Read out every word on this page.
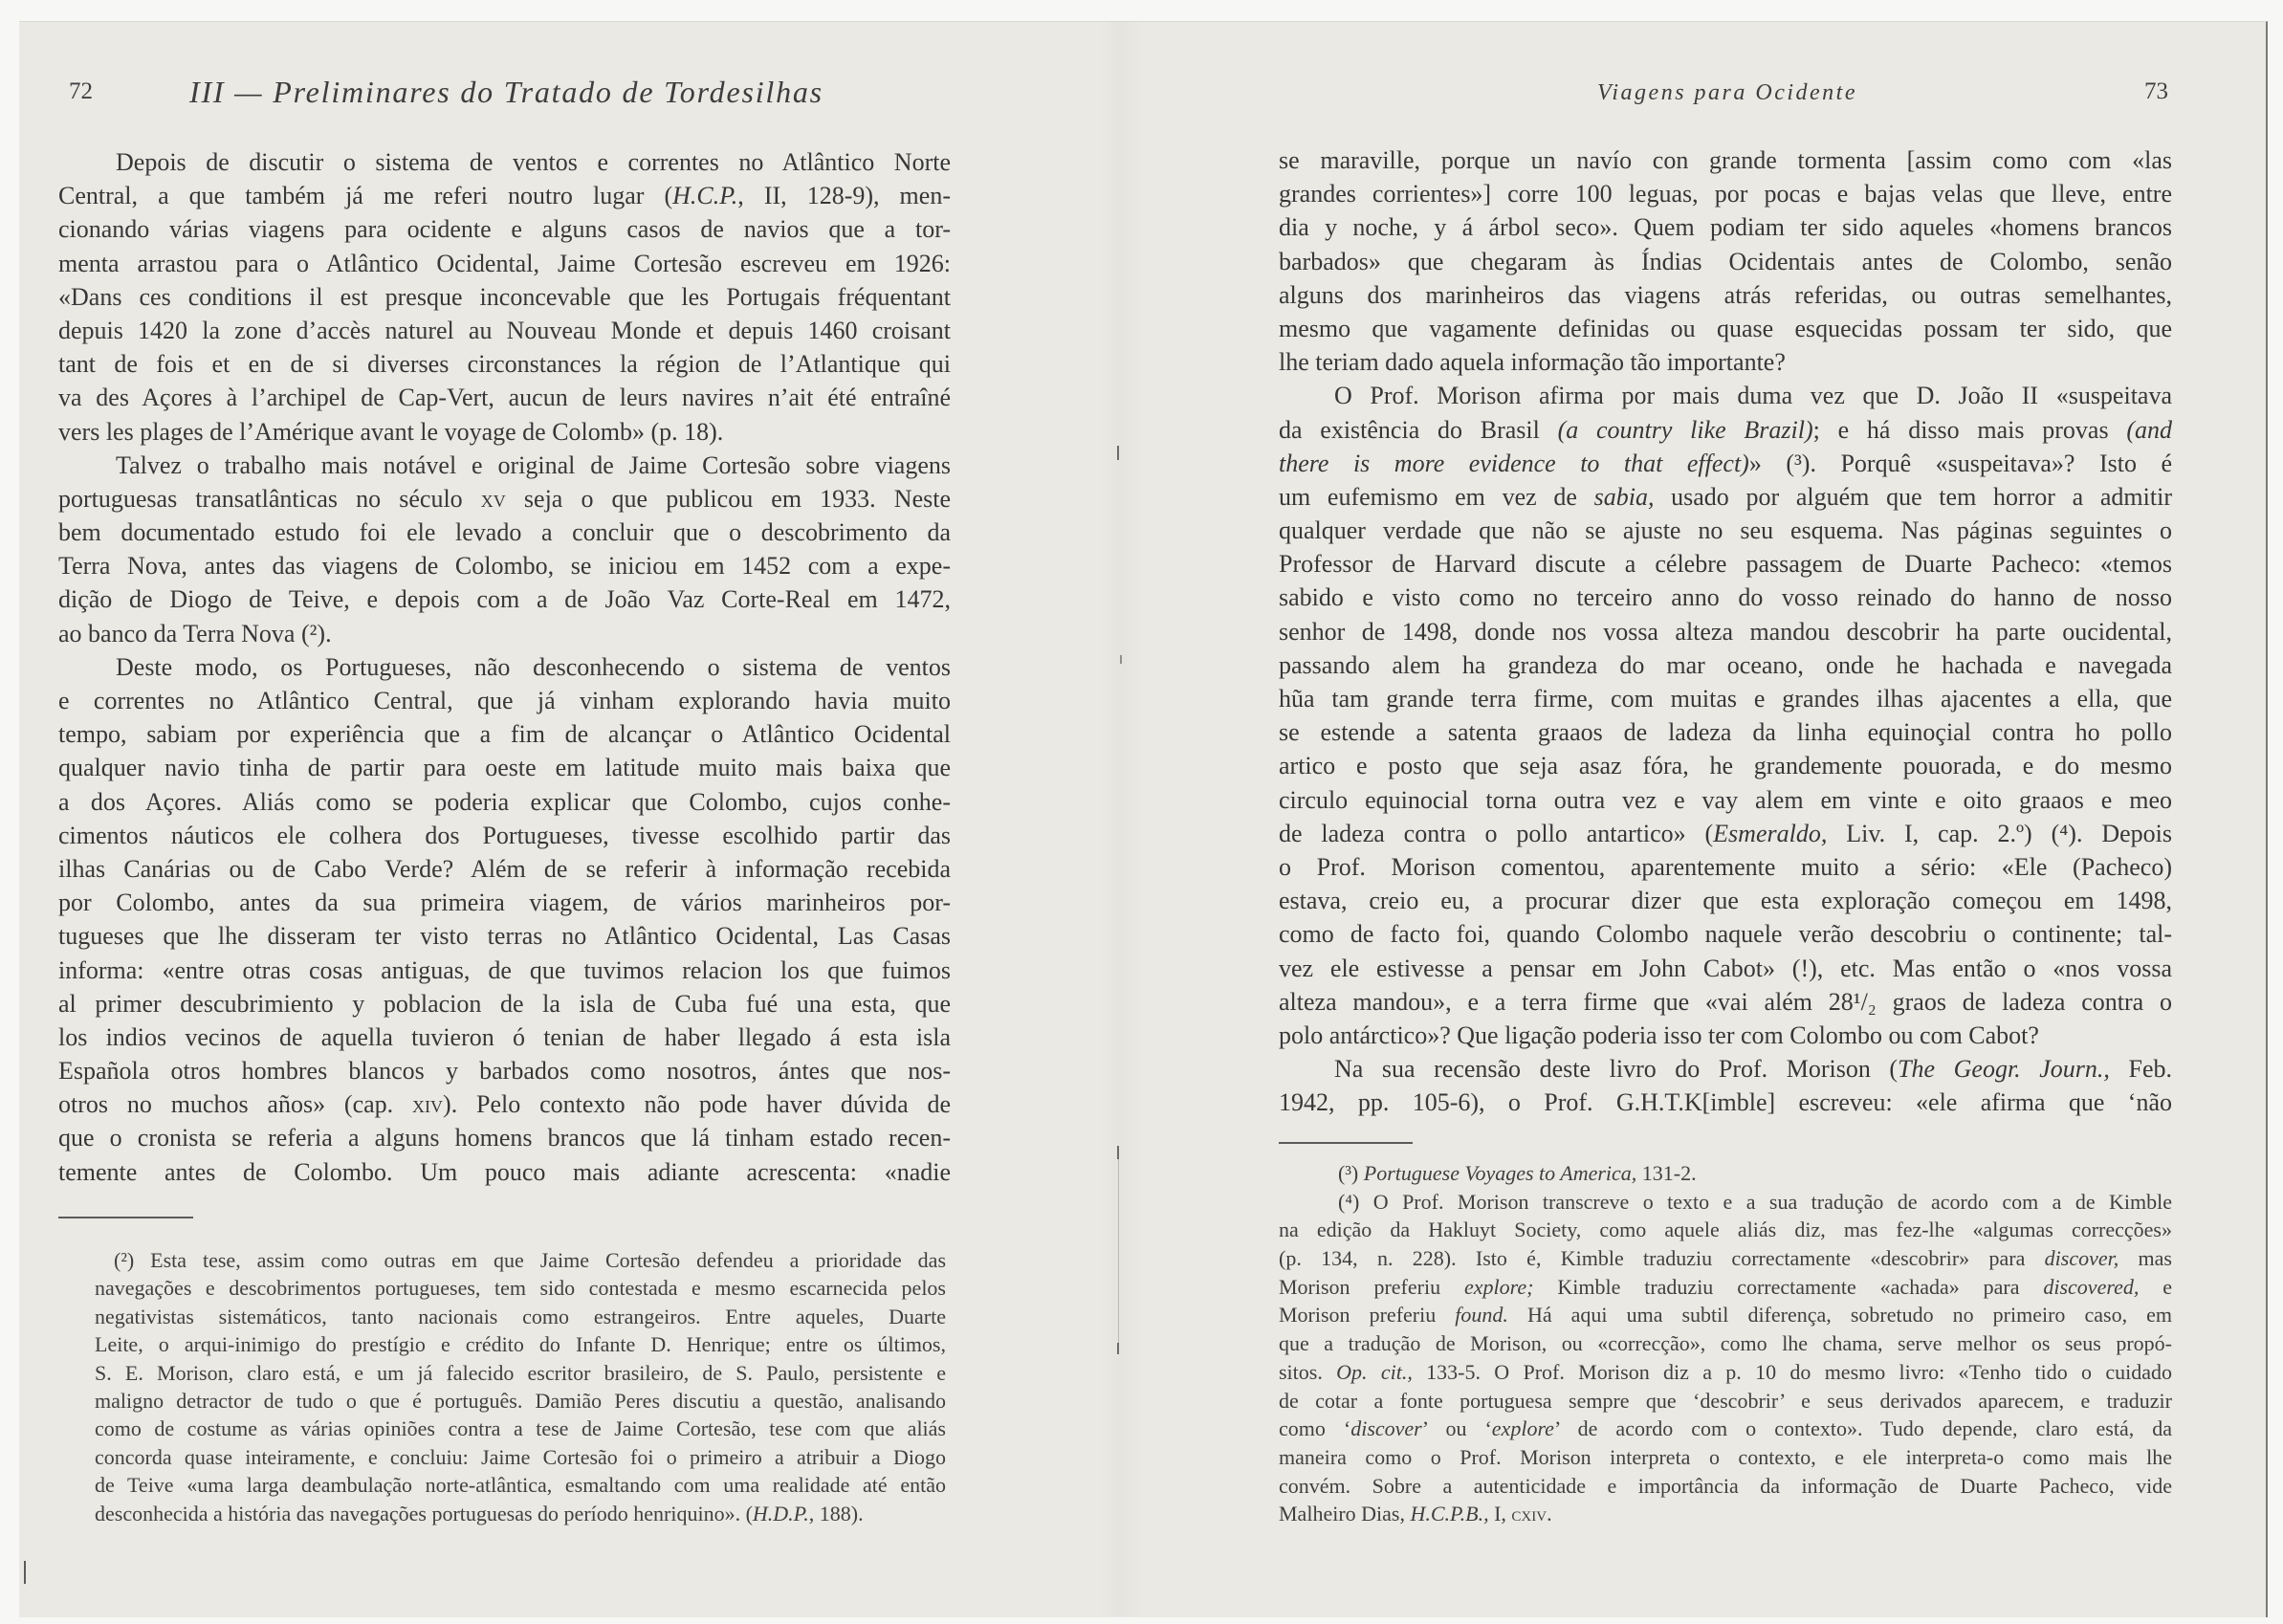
72	III — Preliminares do Tratado de Tordesilhas
Depois de discutir o sistema de ventos e correntes no Atlântico Norte
Central, a que também já me referi noutro lugar (H.C.P., II, 128-9), men-
cionando várias viagens para ocidente e alguns casos de navios que a tor-
menta arrastou para o Atlântico Ocidental, Jaime Cortesão escreveu em 1926:
«Dans ces conditions il est presque inconcevable que les Portugais fréquentant
depuis 1420 la zone d’accès naturel au Nouveau Monde et depuis 1460 croisant
tant de fois et en de si diverses circonstances la région de l’Atlantique qui
va des Açores à l’archipel de Cap-Vert, aucun de leurs navires n’ait été entraîné
vers les plages de l’Amérique avant le voyage de Colomb» (p. 18).
Talvez o trabalho mais notável e original de Jaime Cortesão sobre viagens
portuguesas transatlânticas no século xv seja o que publicou em 1933. Neste
bem documentado estudo foi ele levado a concluir que o descobrimento da
Terra Nova, antes das viagens de Colombo, se iniciou em 1452 com a expe-
dição de Diogo de Teive, e depois com a de João Vaz Corte-Real em 1472,
ao banco da Terra Nova (²).
Deste modo, os Portugueses, não desconhecendo o sistema de ventos
e correntes no Atlântico Central, que já vinham explorando havia muito
tempo, sabiam por experiência que a fim de alcançar o Atlântico Ocidental
qualquer navio tinha de partir para oeste em latitude muito mais baixa que
a dos Açores. Aliás como se poderia explicar que Colombo, cujos conhe-
cimentos náuticos ele colhera dos Portugueses, tivesse escolhido partir das
ilhas Canárias ou de Cabo Verde? Além de se referir à informação recebida
por Colombo, antes da sua primeira viagem, de vários marinheiros por-
tugueses que lhe disseram ter visto terras no Atlântico Ocidental, Las Casas
informa: «entre otras cosas antiguas, de que tuvimos relacion los que fuimos
al primer descubrimiento y poblacion de la isla de Cuba fué una esta, que
los indios vecinos de aquella tuvieron ó tenian de haber llegado á esta isla
Española otros hombres blancos y barbados como nosotros, ántes que nos-
otros no muchos años» (cap. xiv). Pelo contexto não pode haver dúvida de
que o cronista se referia a alguns homens brancos que lá tinham estado recen-
temente antes de Colombo. Um pouco mais adiante acrescenta: «nadie
(²) Esta tese, assim como outras em que Jaime Cortesão defendeu a prioridade das
navegações e descobrimentos portugueses, tem sido contestada e mesmo escarnecida pelos
negativistas sistemáticos, tanto nacionais como estrangeiros. Entre aqueles, Duarte
Leite, o arqui-inimigo do prestígio e crédito do Infante D. Henrique; entre os últimos,
S. E. Morison, claro está, e um já falecido escritor brasileiro, de S. Paulo, persistente e
maligno detractor de tudo o que é português. Damião Peres discutiu a questão, analisando
como de costume as várias opiniões contra a tese de Jaime Cortesão, tese com que aliás
concorda quase inteiramente, e concluiu: Jaime Cortesão foi o primeiro a atribuir a Diogo
de Teive «uma larga deambulação norte-atlântica, esmaltando com uma realidade até então
desconhecida a história das navegações portuguesas do período henriquino». (H.D.P., 188).
Viagens para Ocidente	73
se maraville, porque un navío con grande tormenta [assim como com «las
grandes corrientes»] corre 100 leguas, por pocas e bajas velas que lleve, entre
dia y noche, y á árbol seco». Quem podiam ter sido aqueles «homens brancos
barbados» que chegaram às Índias Ocidentais antes de Colombo, senão
alguns dos marinheiros das viagens atrás referidas, ou outras semelhantes,
mesmo que vagamente definidas ou quase esquecidas possam ter sido, que
lhe teriam dado aquela informação tão importante?
O Prof. Morison afirma por mais duma vez que D. João II «suspeitava
da existência do Brasil (a country like Brazil); e há disso mais provas (and
there is more evidence to that effect)» (³). Porquê «suspeitava»? Isto é
um eufemismo em vez de sabia, usado por alguém que tem horror a admitir
qualquer verdade que não se ajuste no seu esquema. Nas páginas seguintes o
Professor de Harvard discute a célebre passagem de Duarte Pacheco: «temos
sabido e visto como no terceiro anno do vosso reinado do hanno de nosso
senhor de 1498, donde nos vossa alteza mandou descobrir ha parte oucidental,
passando alem ha grandeza do mar oceano, onde he hachada e navegada
hũa tam grande terra firme, com muitas e grandes ilhas ajacentes a ella, que
se estende a satenta graaos de ladeza da linha equinoçial contra ho pollo
artico e posto que seja asaz fóra, he grandemente pouorada, e do mesmo
circulo equinocial torna outra vez e vay alem em vinte e oito graaos e meo
de ladeza contra o pollo antartico» (Esmeraldo, Liv. I, cap. 2.º) (⁴). Depois
o Prof. Morison comentou, aparentemente muito a sério: «Ele (Pacheco)
estava, creio eu, a procurar dizer que esta exploração começou em 1498,
como de facto foi, quando Colombo naquele verão descobriu o continente; tal-
vez ele estivesse a pensar em John Cabot» (!), etc. Mas então o «nos vossa
alteza mandou», e a terra firme que «vai além 28¹/₂ graos de ladeza contra o
polo antárctico»? Que ligação poderia isso ter com Colombo ou com Cabot?
Na sua recensão deste livro do Prof. Morison (The Geogr. Journ., Feb.
1942, pp. 105-6), o Prof. G.H.T.K[imble] escreveu: «ele afirma que ‘não
(³) Portuguese Voyages to America, 131-2.
(⁴) O Prof. Morison transcreve o texto e a sua tradução de acordo com a de Kimble
na edição da Hakluyt Society, como aquele aliás diz, mas fez-lhe «algumas correcções»
(p. 134, n. 228). Isto é, Kimble traduziu correctamente «descobrir» para discover, mas
Morison preferiu explore; Kimble traduziu correctamente «achada» para discovered, e
Morison preferiu found. Há aqui uma subtil diferença, sobretudo no primeiro caso, em
que a tradução de Morison, ou «correcção», como lhe chama, serve melhor os seus propó-
sitos. Op. cit., 133-5. O Prof. Morison diz a p. 10 do mesmo livro: «Tenho tido o cuidado
de cotar a fonte portuguesa sempre que ‘descobrir’ e seus derivados aparecem, e traduzir
como ‘discover’ ou ‘explore’ de acordo com o contexto». Tudo depende, claro está, da
maneira como o Prof. Morison interpreta o contexto, e ele interpreta-o como mais lhe
convém. Sobre a autenticidade e importância da informação de Duarte Pacheco, vide
Malheiro Dias, H.C.P.B., I, cxiv.
